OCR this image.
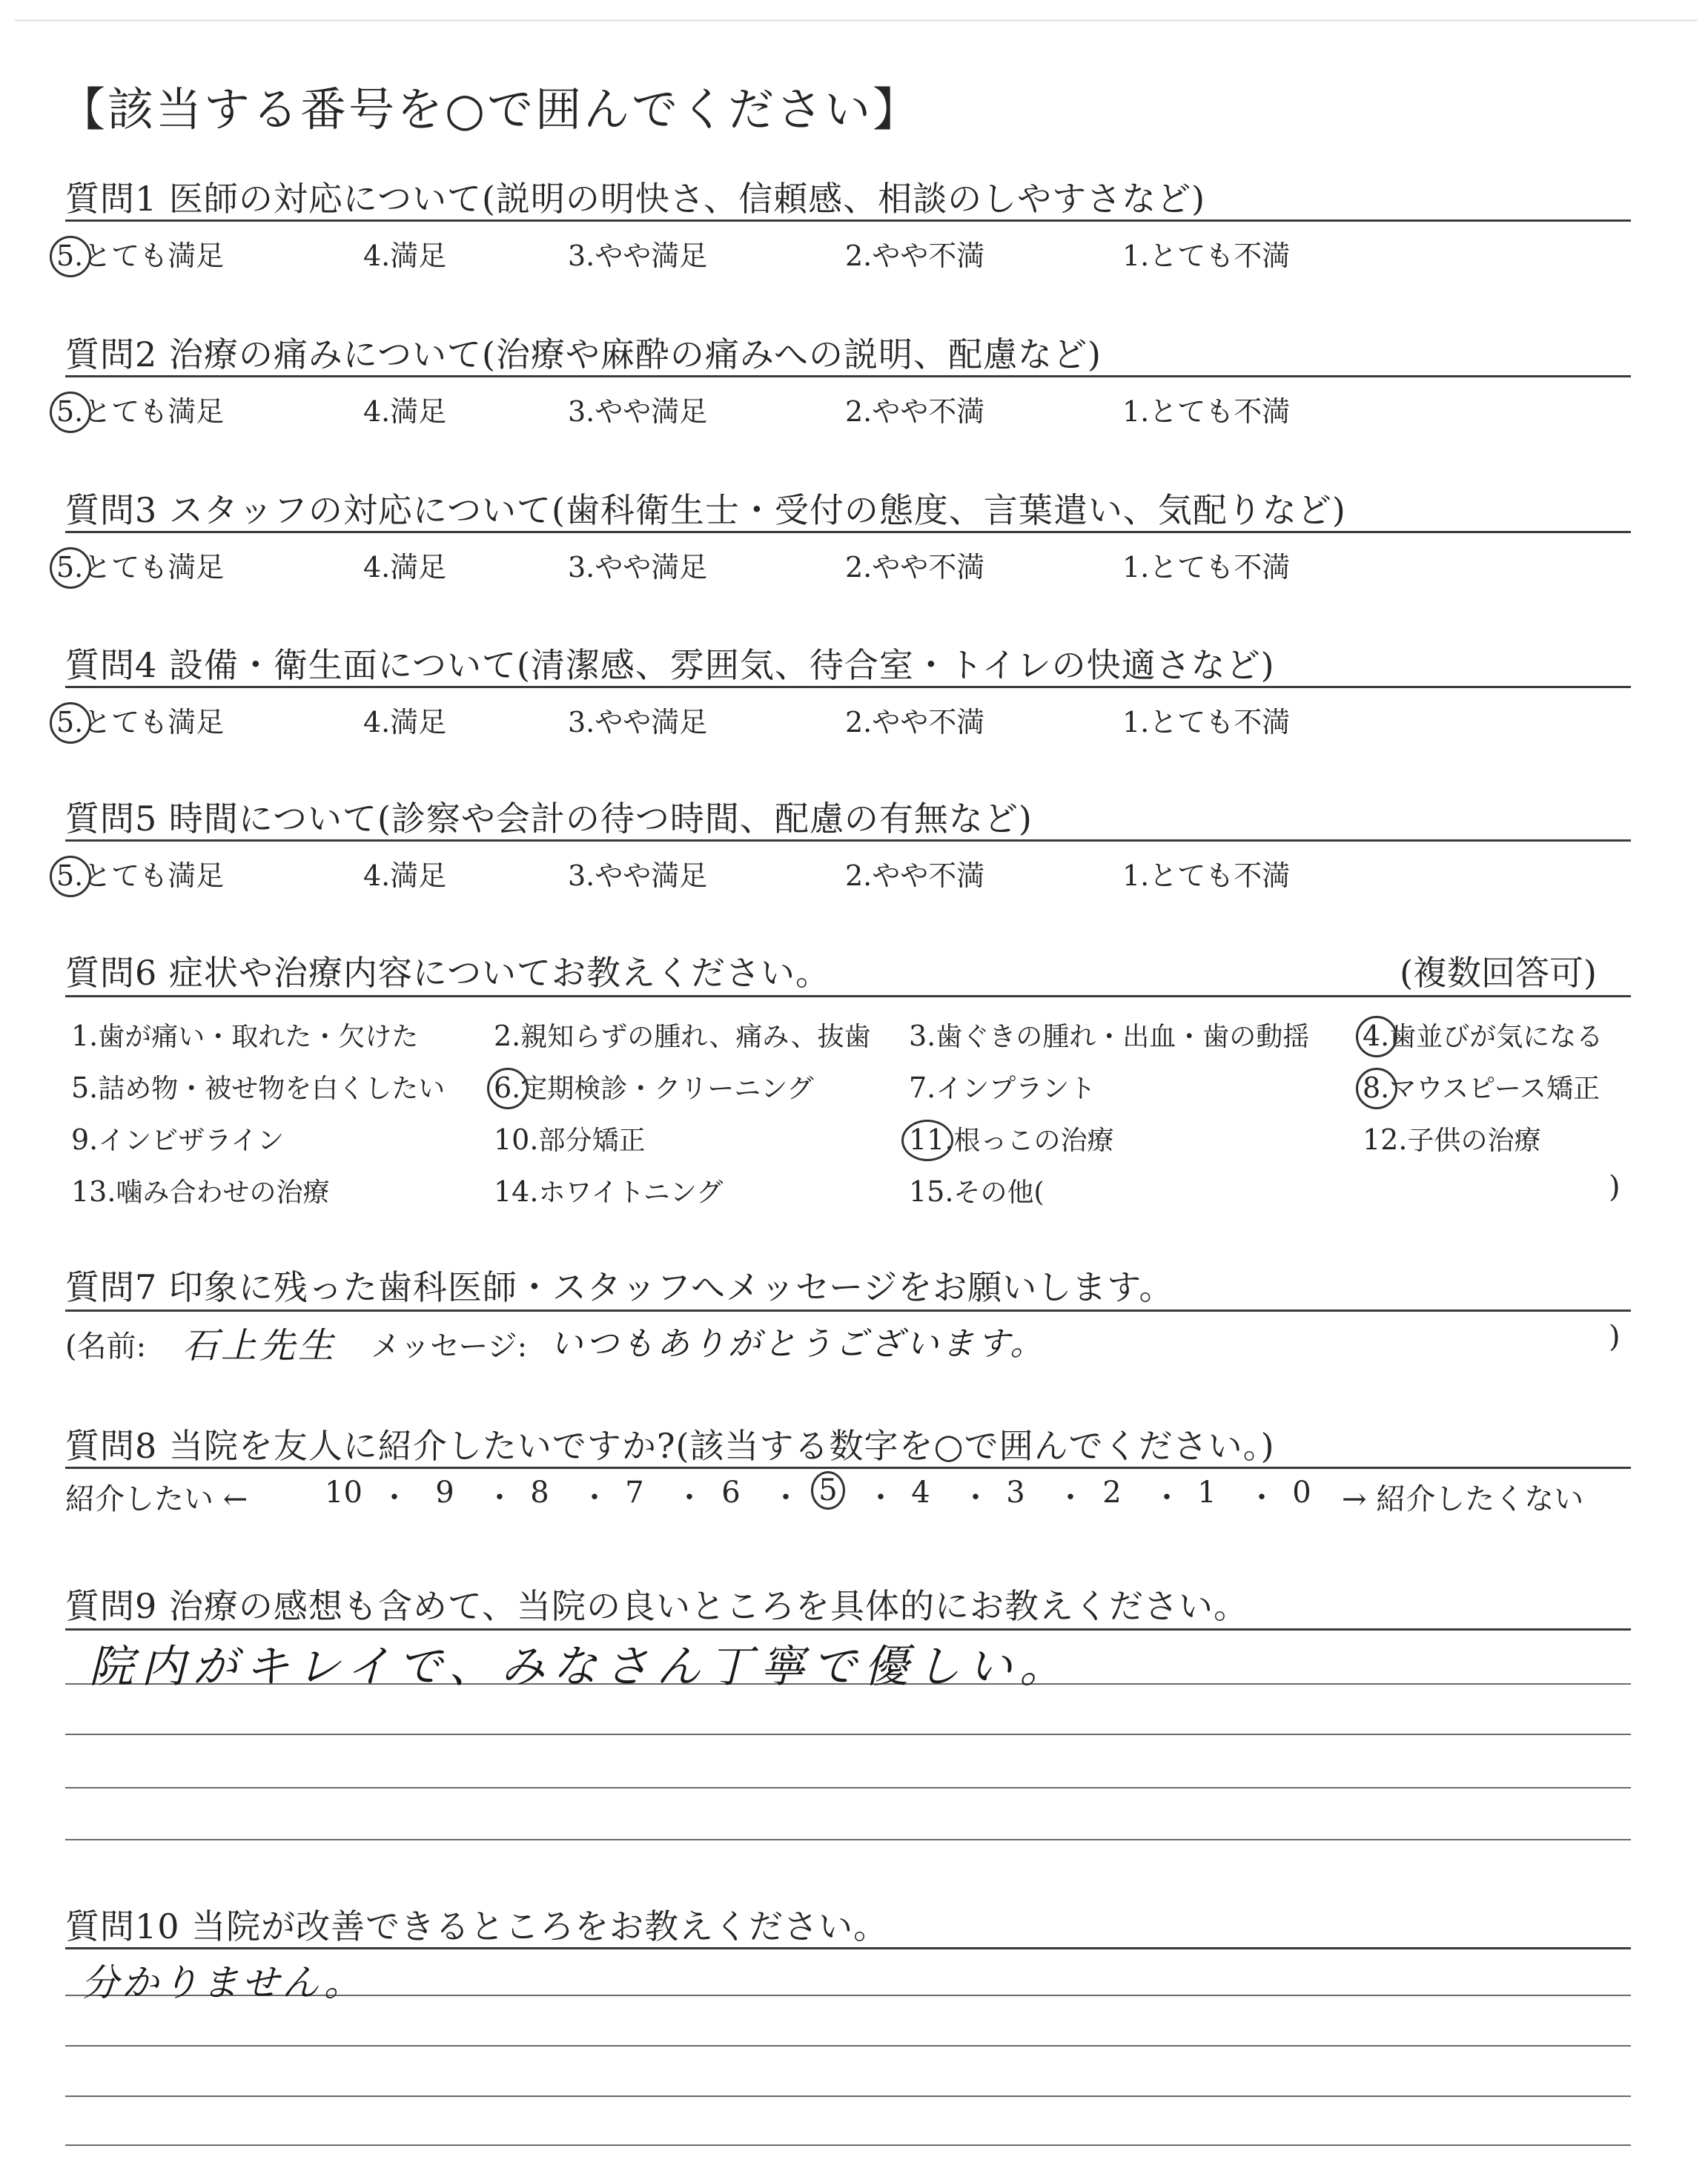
【該当する番号を○で囲んでください】
質問1 医師の対応について(説明の明快さ、信頼感、相談のしやすさなど)
5.とても満足	4.満足	3.やや満足	2.やや不満	1.とても不満
質問2 治療の痛みについて(治療や麻酔の痛みへの説明、配慮など)
5.とても満足	4.満足	3.やや満足	2.やや不満	1.とても不満
質問3 スタッフの対応について(歯科衛生士・受付の態度、言葉遣い、気配りなど)
5.とても満足	4.満足	3.やや満足	2.やや不満	1.とても不満
質問4 設備・衛生面について(清潔感、雰囲気、待合室・トイレの快適さなど)
5.とても満足	4.満足	3.やや満足	2.やや不満	1.とても不満
質問5 時間について(診察や会計の待つ時間、配慮の有無など)
5.とても満足	4.満足	3.やや満足	2.やや不満	1.とても不満
質問6 症状や治療内容についてお教えください。	(複数回答可)
1.歯が痛い・取れた・欠けた	2.親知らずの腫れ、痛み、抜歯 3.歯ぐきの腫れ・出血・歯の動揺 4.歯並びが気になる
5.詰め物・被せ物を白くしたい 6.定期検診・クリーニング	7.インプラント	8.マウスピース矯正
9.インビザライン	10.部分矯正	11.根っこの治療	12.子供の治療
13.噛み合わせの治療	14.ホワイトニング	15.その他(	)
質問7 印象に残った歯科医師・スタッフへメッセージをお願いします。
(名前: 石上先生 メッセージ: いつもありがとうございます。	)
質問8 当院を友人に紹介したいですか?(該当する数字を○で囲んでください。)
紹介したい ←	→ 紹介したくない
10 ・ 9 ・ 8 ・ 7 ・ 6 ・ 5 ・ 4 ・ 3 ・ 2 ・ 1 ・ 0
質問9 治療の感想も含めて、当院の良いところを具体的にお教えください。
院内がキレイで、みなさん丁寧で優しい。
質問10 当院が改善できるところをお教えください。
分かりません。
